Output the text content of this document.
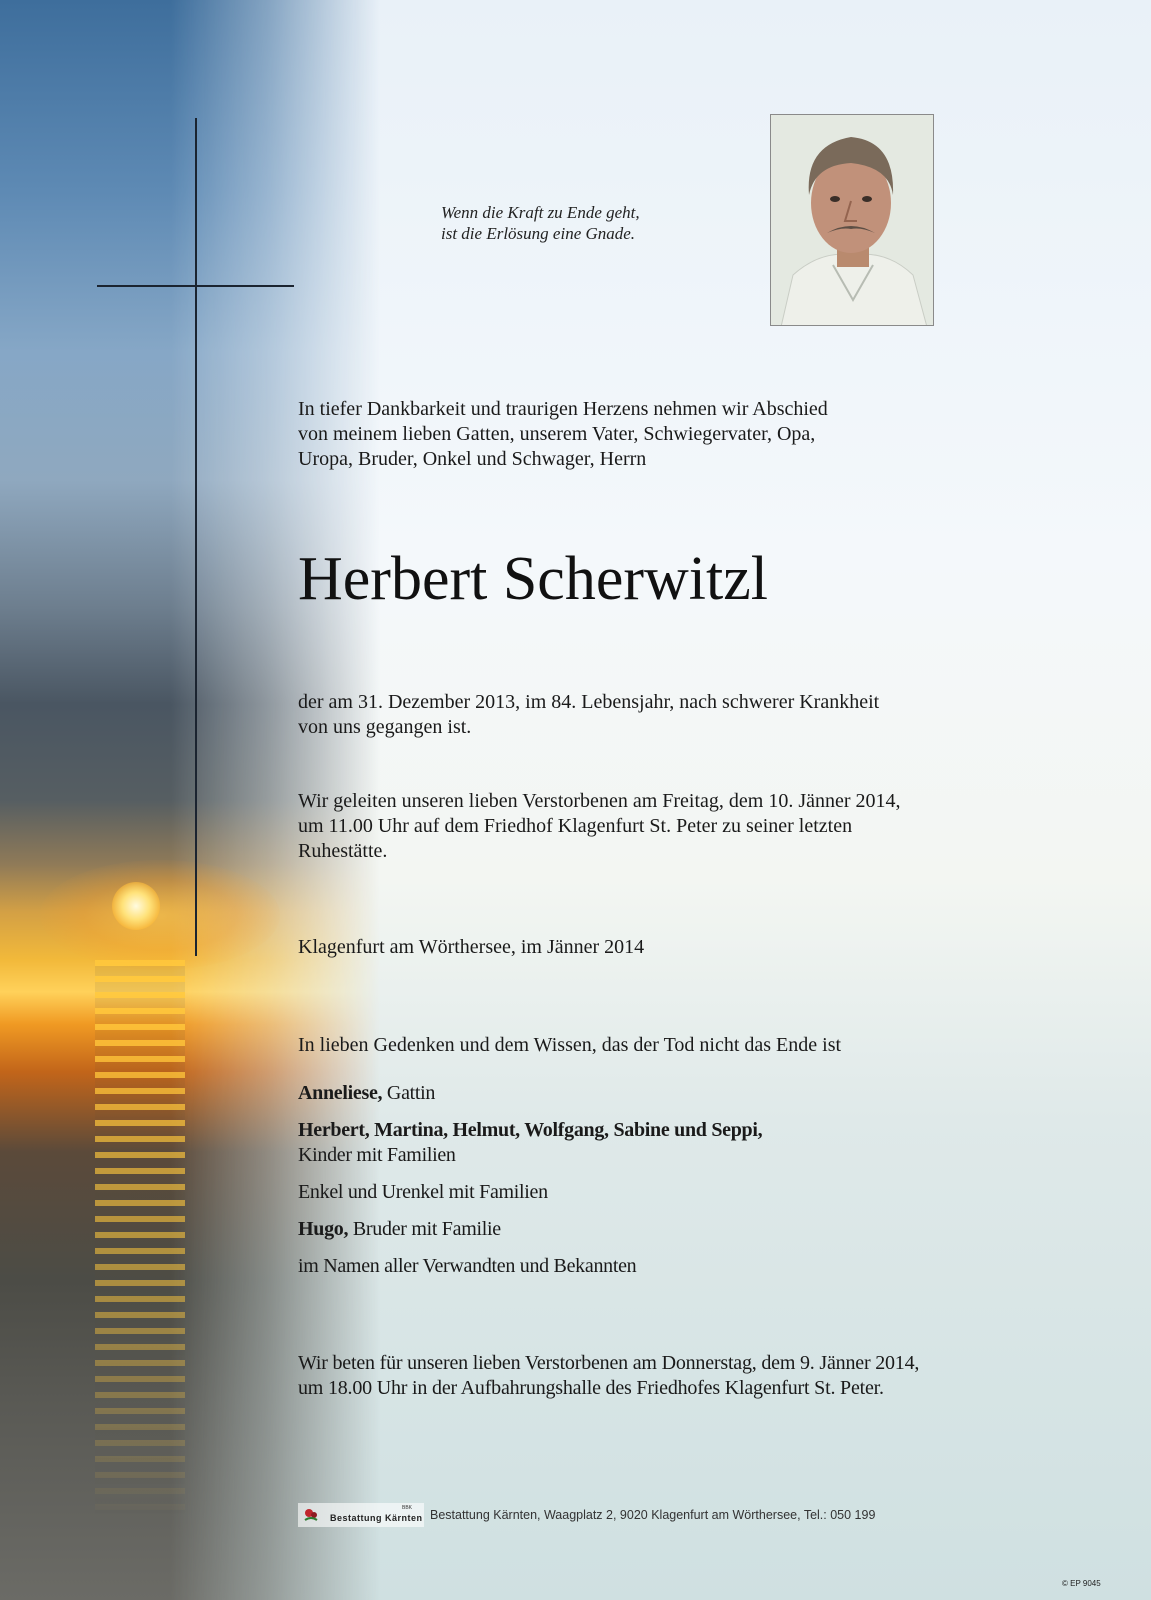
Wenn die Kraft zu Ende geht,
ist die Erlösung eine Gnade.
In tiefer Dankbarkeit und traurigen Herzens nehmen wir Abschied
von meinem lieben Gatten, unserem Vater, Schwiegervater, Opa,
Uropa, Bruder, Onkel und Schwager, Herrn
Herbert Scherwitzl
der am 31. Dezember 2013, im 84. Lebensjahr, nach schwerer Krankheit
von uns gegangen ist.
Wir geleiten unseren lieben Verstorbenen am Freitag, dem 10. Jänner 2014,
um 11.00 Uhr auf dem Friedhof Klagenfurt St. Peter zu seiner letzten
Ruhestätte.
Klagenfurt am Wörthersee, im Jänner 2014
In lieben Gedenken und dem Wissen, das der Tod nicht das Ende ist
Anneliese, Gattin
Herbert, Martina, Helmut, Wolfgang, Sabine und Seppi,
Kinder mit Familien
Enkel und Urenkel mit Familien
Hugo, Bruder mit Familie
im Namen aller Verwandten und Bekannten
Wir beten für unseren lieben Verstorbenen am Donnerstag, dem 9. Jänner 2014,
um 18.00 Uhr in der Aufbahrungshalle des Friedhofes Klagenfurt St. Peter.
Bestattung Kärnten
BBK Bestattung Kärnten, Waagplatz 2, 9020 Klagenfurt am Wörthersee, Tel.: 050 199
© EP 9045
